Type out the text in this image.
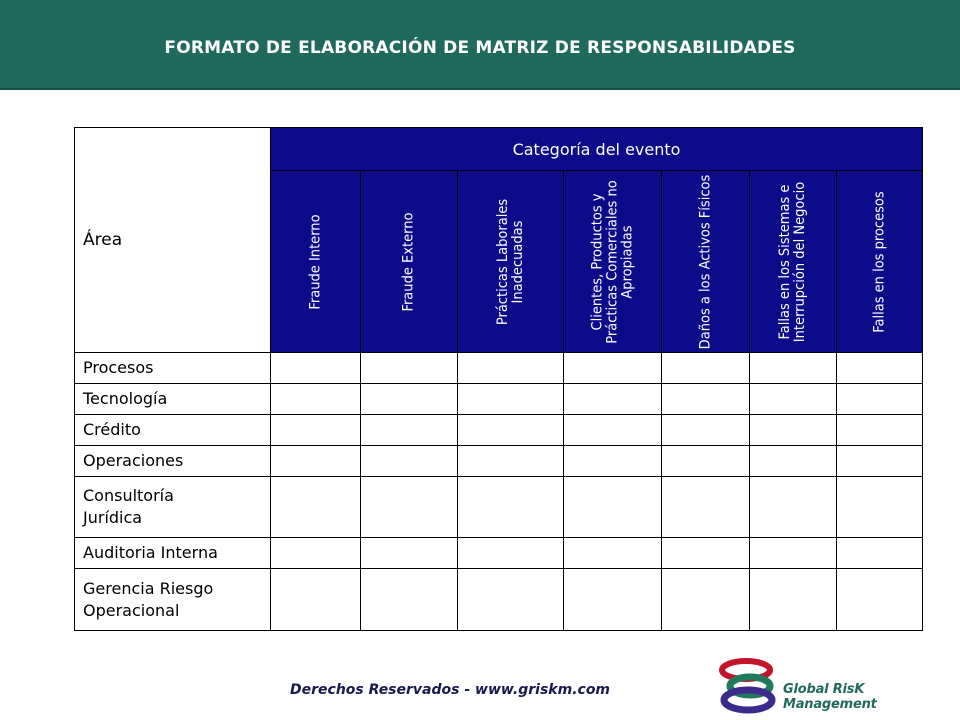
FORMATO DE ELABORACIÓN DE MATRIZ DE RESPONSABILIDADES
Área	Categoría del evento						

	Fraude Interno	Fraude Externo	Prácticas Laborales Inadecuadas	Clientes, Productos y Prácticas Comerciales no Apropiadas	Daños a los Activos Físicos	Fallas en los Sistemas e Interrupción del Negocio	Fallas en los procesos

Procesos							
Tecnología							
Crédito							
Operaciones							
Consultoría Jurídica							
Auditoria Interna							
Gerencia Riesgo Operacional							
Derechos Reservados - www.griskm.com	Global RisK Management
